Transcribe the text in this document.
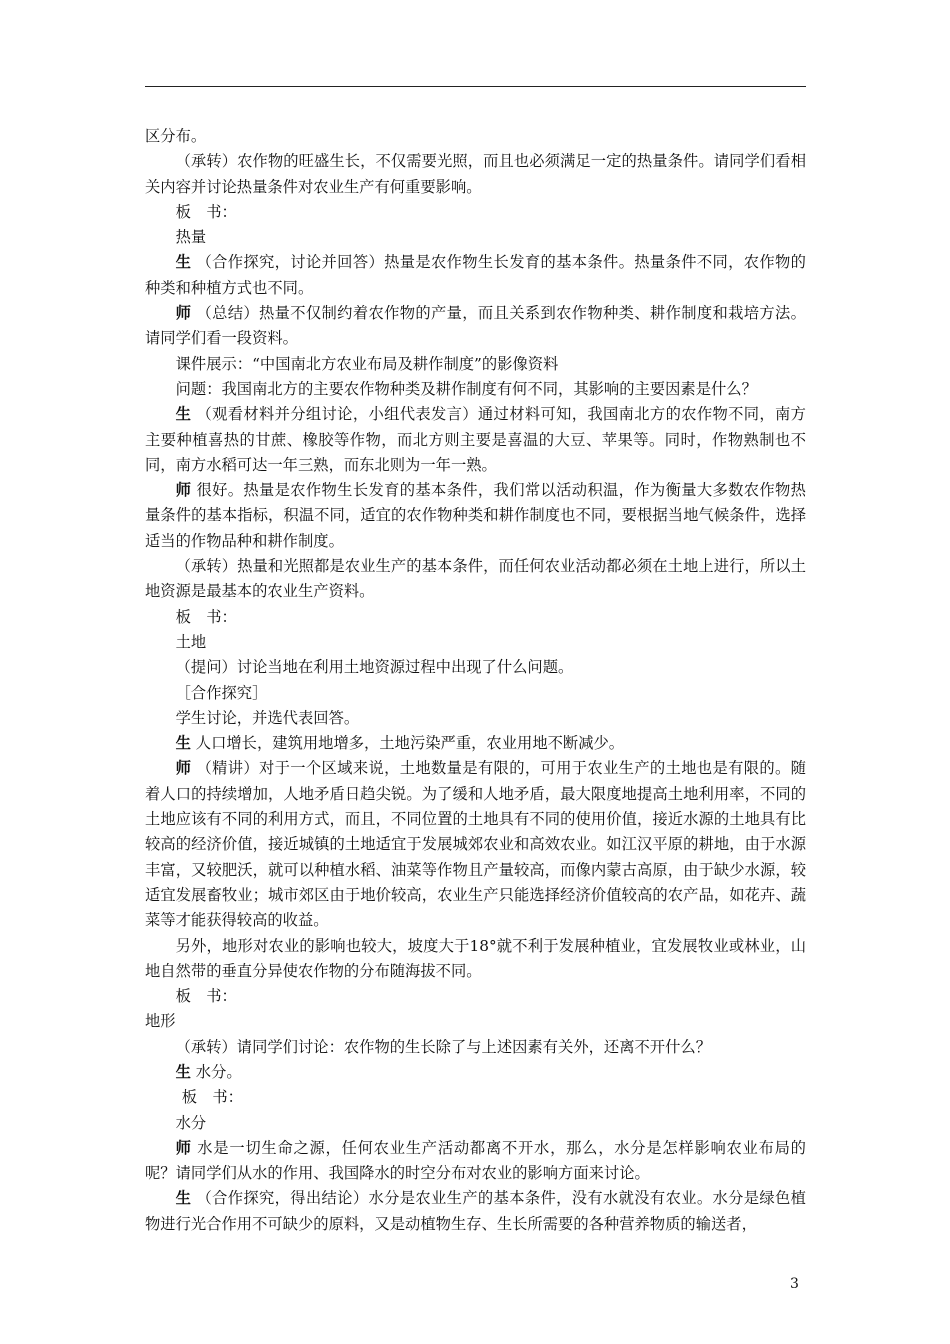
区分布。

（承转）农作物的旺盛生长，不仅需要光照，而且也必须满足一定的热量条件。请同学们看相关内容并讨论热量条件对农业生产有何重要影响。

板　书：

热量

生 （合作探究，讨论并回答）热量是农作物生长发育的基本条件。热量条件不同，农作物的种类和种植方式也不同。

师 （总结）热量不仅制约着农作物的产量，而且关系到农作物种类、耕作制度和栽培方法。请同学们看一段资料。

课件展示：“中国南北方农业布局及耕作制度”的影像资料

问题：我国南北方的主要农作物种类及耕作制度有何不同，其影响的主要因素是什么？

生 （观看材料并分组讨论，小组代表发言）通过材料可知，我国南北方的农作物不同，南方主要种植喜热的甘蔗、橡胶等作物，而北方则主要是喜温的大豆、苹果等。同时，作物熟制也不同，南方水稻可达一年三熟，而东北则为一年一熟。

师 很好。热量是农作物生长发育的基本条件，我们常以活动积温，作为衡量大多数农作物热量条件的基本指标，积温不同，适宜的农作物种类和耕作制度也不同，要根据当地气候条件，选择适当的作物品种和耕作制度。

（承转）热量和光照都是农业生产的基本条件，而任何农业活动都必须在土地上进行，所以土地资源是最基本的农业生产资料。

板　书：

土地

（提问）讨论当地在利用土地资源过程中出现了什么问题。

［合作探究］

学生讨论，并选代表回答。

生 人口增长，建筑用地增多，土地污染严重，农业用地不断减少。

师 （精讲）对于一个区域来说，土地数量是有限的，可用于农业生产的土地也是有限的。随着人口的持续增加，人地矛盾日趋尖锐。为了缓和人地矛盾，最大限度地提高土地利用率，不同的土地应该有不同的利用方式，而且，不同位置的土地具有不同的使用价值，接近水源的土地具有比较高的经济价值，接近城镇的土地适宜于发展城郊农业和高效农业。如江汉平原的耕地，由于水源丰富，又较肥沃，就可以种植水稻、油菜等作物且产量较高，而像内蒙古高原，由于缺少水源，较适宜发展畜牧业；城市郊区由于地价较高，农业生产只能选择经济价值较高的农产品，如花卉、蔬菜等才能获得较高的收益。

另外，地形对农业的影响也较大，坡度大于18°就不利于发展种植业，宜发展牧业或林业，山地自然带的垂直分异使农作物的分布随海拔不同。

板　书：

地形

（承转）请同学们讨论：农作物的生长除了与上述因素有关外，还离不开什么？

生 水分。

板　书：

水分

师 水是一切生命之源，任何农业生产活动都离不开水，那么，水分是怎样影响农业布局的呢？请同学们从水的作用、我国降水的时空分布对农业的影响方面来讨论。

生 （合作探究，得出结论）水分是农业生产的基本条件，没有水就没有农业。水分是绿色植物进行光合作用不可缺少的原料，又是动植物生存、生长所需要的各种营养物质的输送者，

3
